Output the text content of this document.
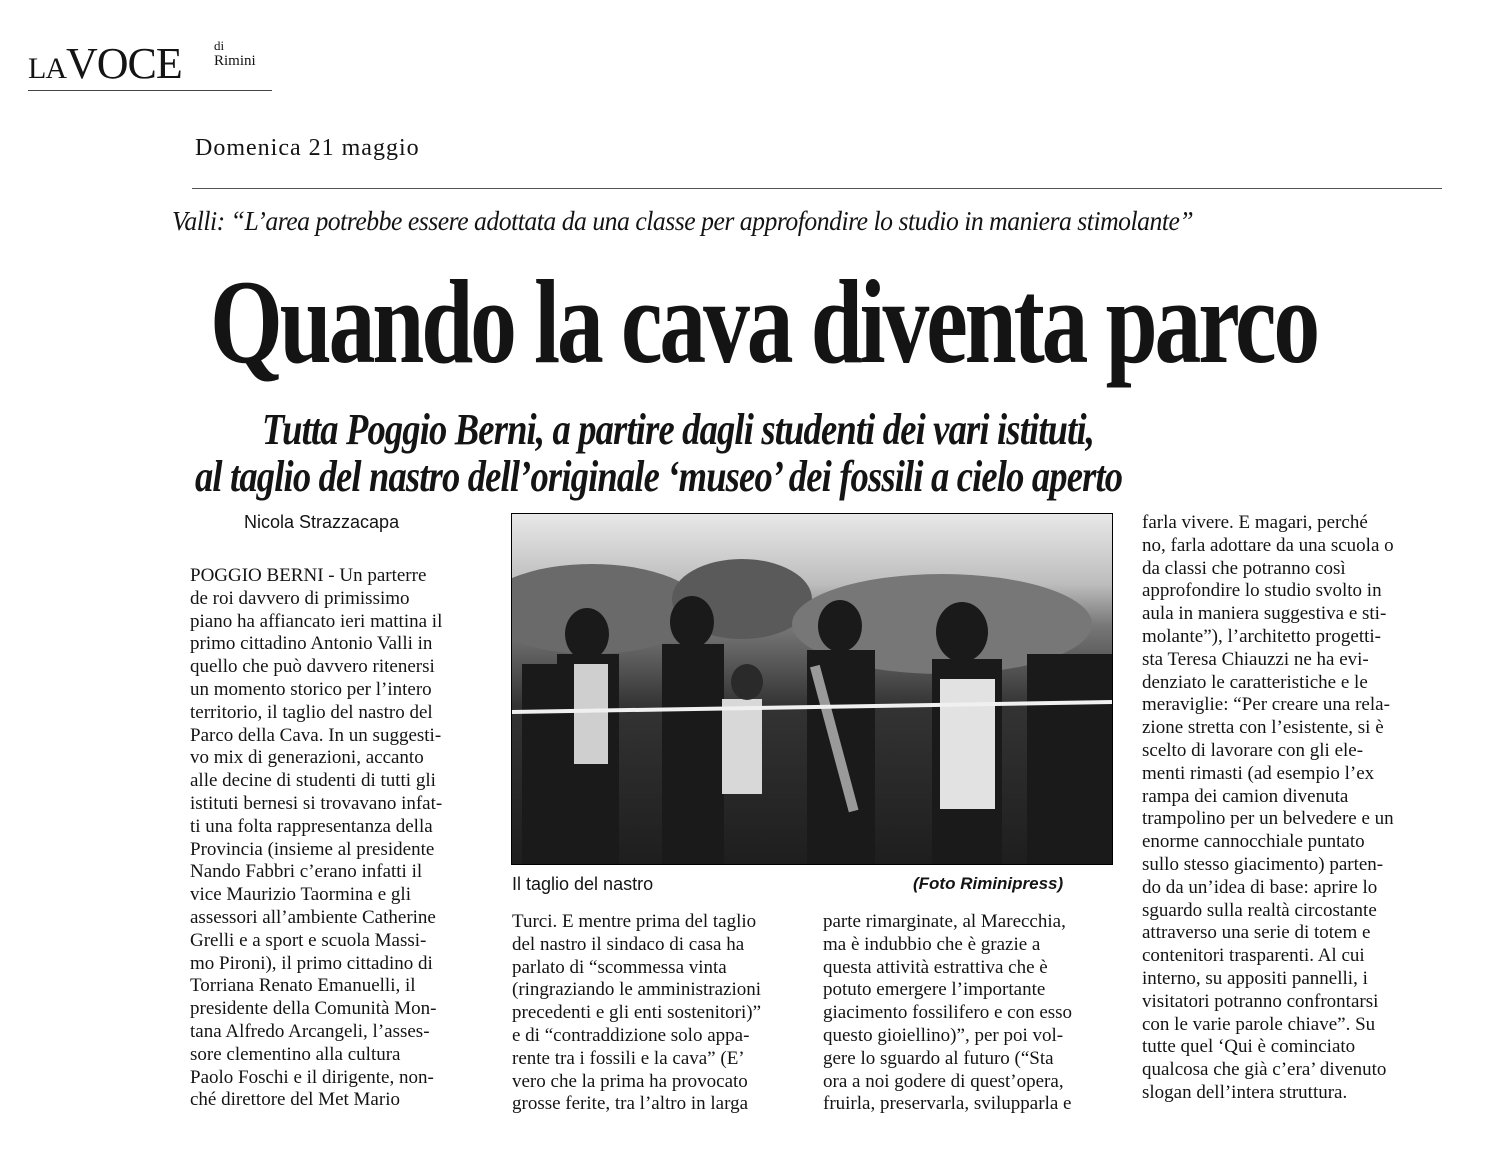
LAVOCE di
Rimini
Domenica 21 maggio
Valli: “L’area potrebbe essere adottata da una classe per approfondire lo studio in maniera stimolante”
Quando la cava diventa parco
Tutta Poggio Berni, a partire dagli studenti dei vari istituti,
al taglio del nastro dell’originale ‘museo’ dei fossili a cielo aperto
Nicola Strazzacapa

POGGIO BERNI - Un parterre

de roi davvero di primissimo

piano ha affiancato ieri mattina il

primo cittadino Antonio Valli in

quello che può davvero ritenersi

un momento storico per l’intero

territorio, il taglio del nastro del

Parco della Cava. In un suggesti-

vo mix di generazioni, accanto

alle decine di studenti di tutti gli

istituti bernesi si trovavano infat-

ti una folta rappresentanza della

Provincia (insieme al presidente

Nando Fabbri c’erano infatti il

vice Maurizio Taormina e gli

assessori all’ambiente Catherine

Grelli e a sport e scuola Massi-

mo Pironi), il primo cittadino di

Torriana Renato Emanuelli, il

presidente della Comunità Mon-

tana Alfredo Arcangeli, l’asses-

sore clementino alla cultura

Paolo Foschi e il dirigente, non-

ché direttore del Met Mario

Il taglio del nastro	(Foto Riminipress)

Turci. E mentre prima del taglio

del nastro il sindaco di casa ha

parlato di “scommessa vinta

(ringraziando le amministrazioni

precedenti e gli enti sostenitori)”

e di “contraddizione solo appa-

rente tra i fossili e la cava” (E’

vero che la prima ha provocato

grosse ferite, tra l’altro in larga

parte rimarginate, al Marecchia,

ma è indubbio che è grazie a

questa attività estrattiva che è

potuto emergere l’importante

giacimento fossilifero e con esso

questo gioiellino)”, per poi vol-

gere lo sguardo al futuro (“Sta

ora a noi godere di quest’opera,

fruirla, preservarla, svilupparla e

farla vivere. E magari, perché

no, farla adottare da una scuola o

da classi che potranno così

approfondire lo studio svolto in

aula in maniera suggestiva e sti-

molante”), l’architetto progetti-

sta Teresa Chiauzzi ne ha evi-

denziato le caratteristiche e le

meraviglie: “Per creare una rela-

zione stretta con l’esistente, si è

scelto di lavorare con gli ele-

menti rimasti (ad esempio l’ex

rampa dei camion divenuta

trampolino per un belvedere e un

enorme cannocchiale puntato

sullo stesso giacimento) parten-

do da un’idea di base: aprire lo

sguardo sulla realtà circostante

attraverso una serie di totem e

contenitori trasparenti. Al cui

interno, su appositi pannelli, i

visitatori potranno confrontarsi

con le varie parole chiave”. Su

tutte quel ‘Qui è cominciato

qualcosa che già c’era’ divenuto

slogan dell’intera struttura.
